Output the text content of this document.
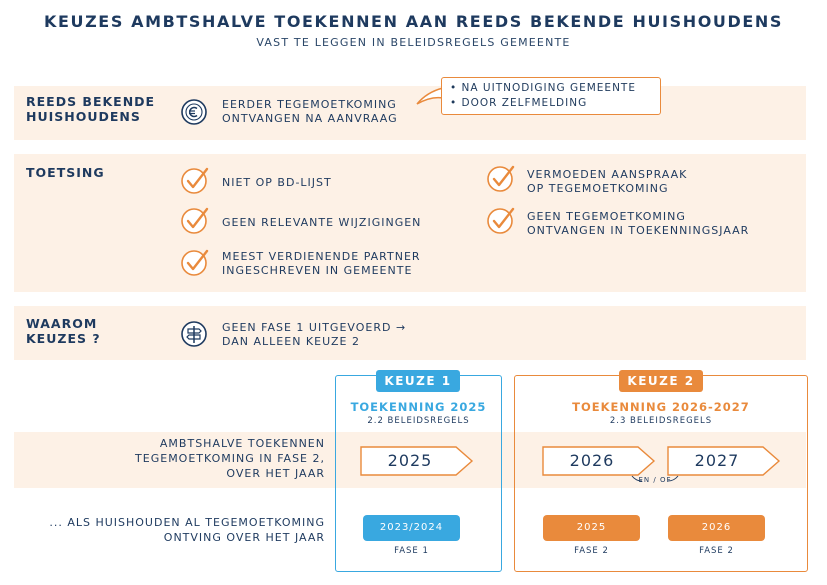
KEUZES AMBTSHALVE TOEKENNEN AAN REEDS BEKENDE HUISHOUDENS
VAST TE LEGGEN IN BELEIDSREGELS GEMEENTE
REEDS BEKENDE
HUISHOUDENS
EERDER TEGEMOETKOMING
ONTVANGEN NA AANVRAAG
• NA UITNODIGING GEMEENTE
• DOOR ZELFMELDING
TOETSING
NIET OP BD-LIJST
GEEN RELEVANTE WIJZIGINGEN
MEEST VERDIENENDE PARTNER
INGESCHREVEN IN GEMEENTE
VERMOEDEN AANSPRAAK
OP TEGEMOETKOMING
GEEN TEGEMOETKOMING
ONTVANGEN IN TOEKENNINGSJAAR
WAAROM
KEUZES ?
GEEN FASE 1 UITGEVOERD →
DAN ALLEEN KEUZE 2
KEUZE 1
TOEKENNING 2025
2.2 BELEIDSREGELS
2025
2023/2024
FASE 1
KEUZE 2
TOEKENNING 2026-2027
2.3 BELEIDSREGELS
2026	2027
EN / OF
2025
FASE 2
2026
FASE 2
AMBTSHALVE TOEKENNEN
TEGEMOETKOMING IN FASE 2,
OVER HET JAAR
... ALS HUISHOUDEN AL TEGEMOETKOMING
ONTVING OVER HET JAAR
